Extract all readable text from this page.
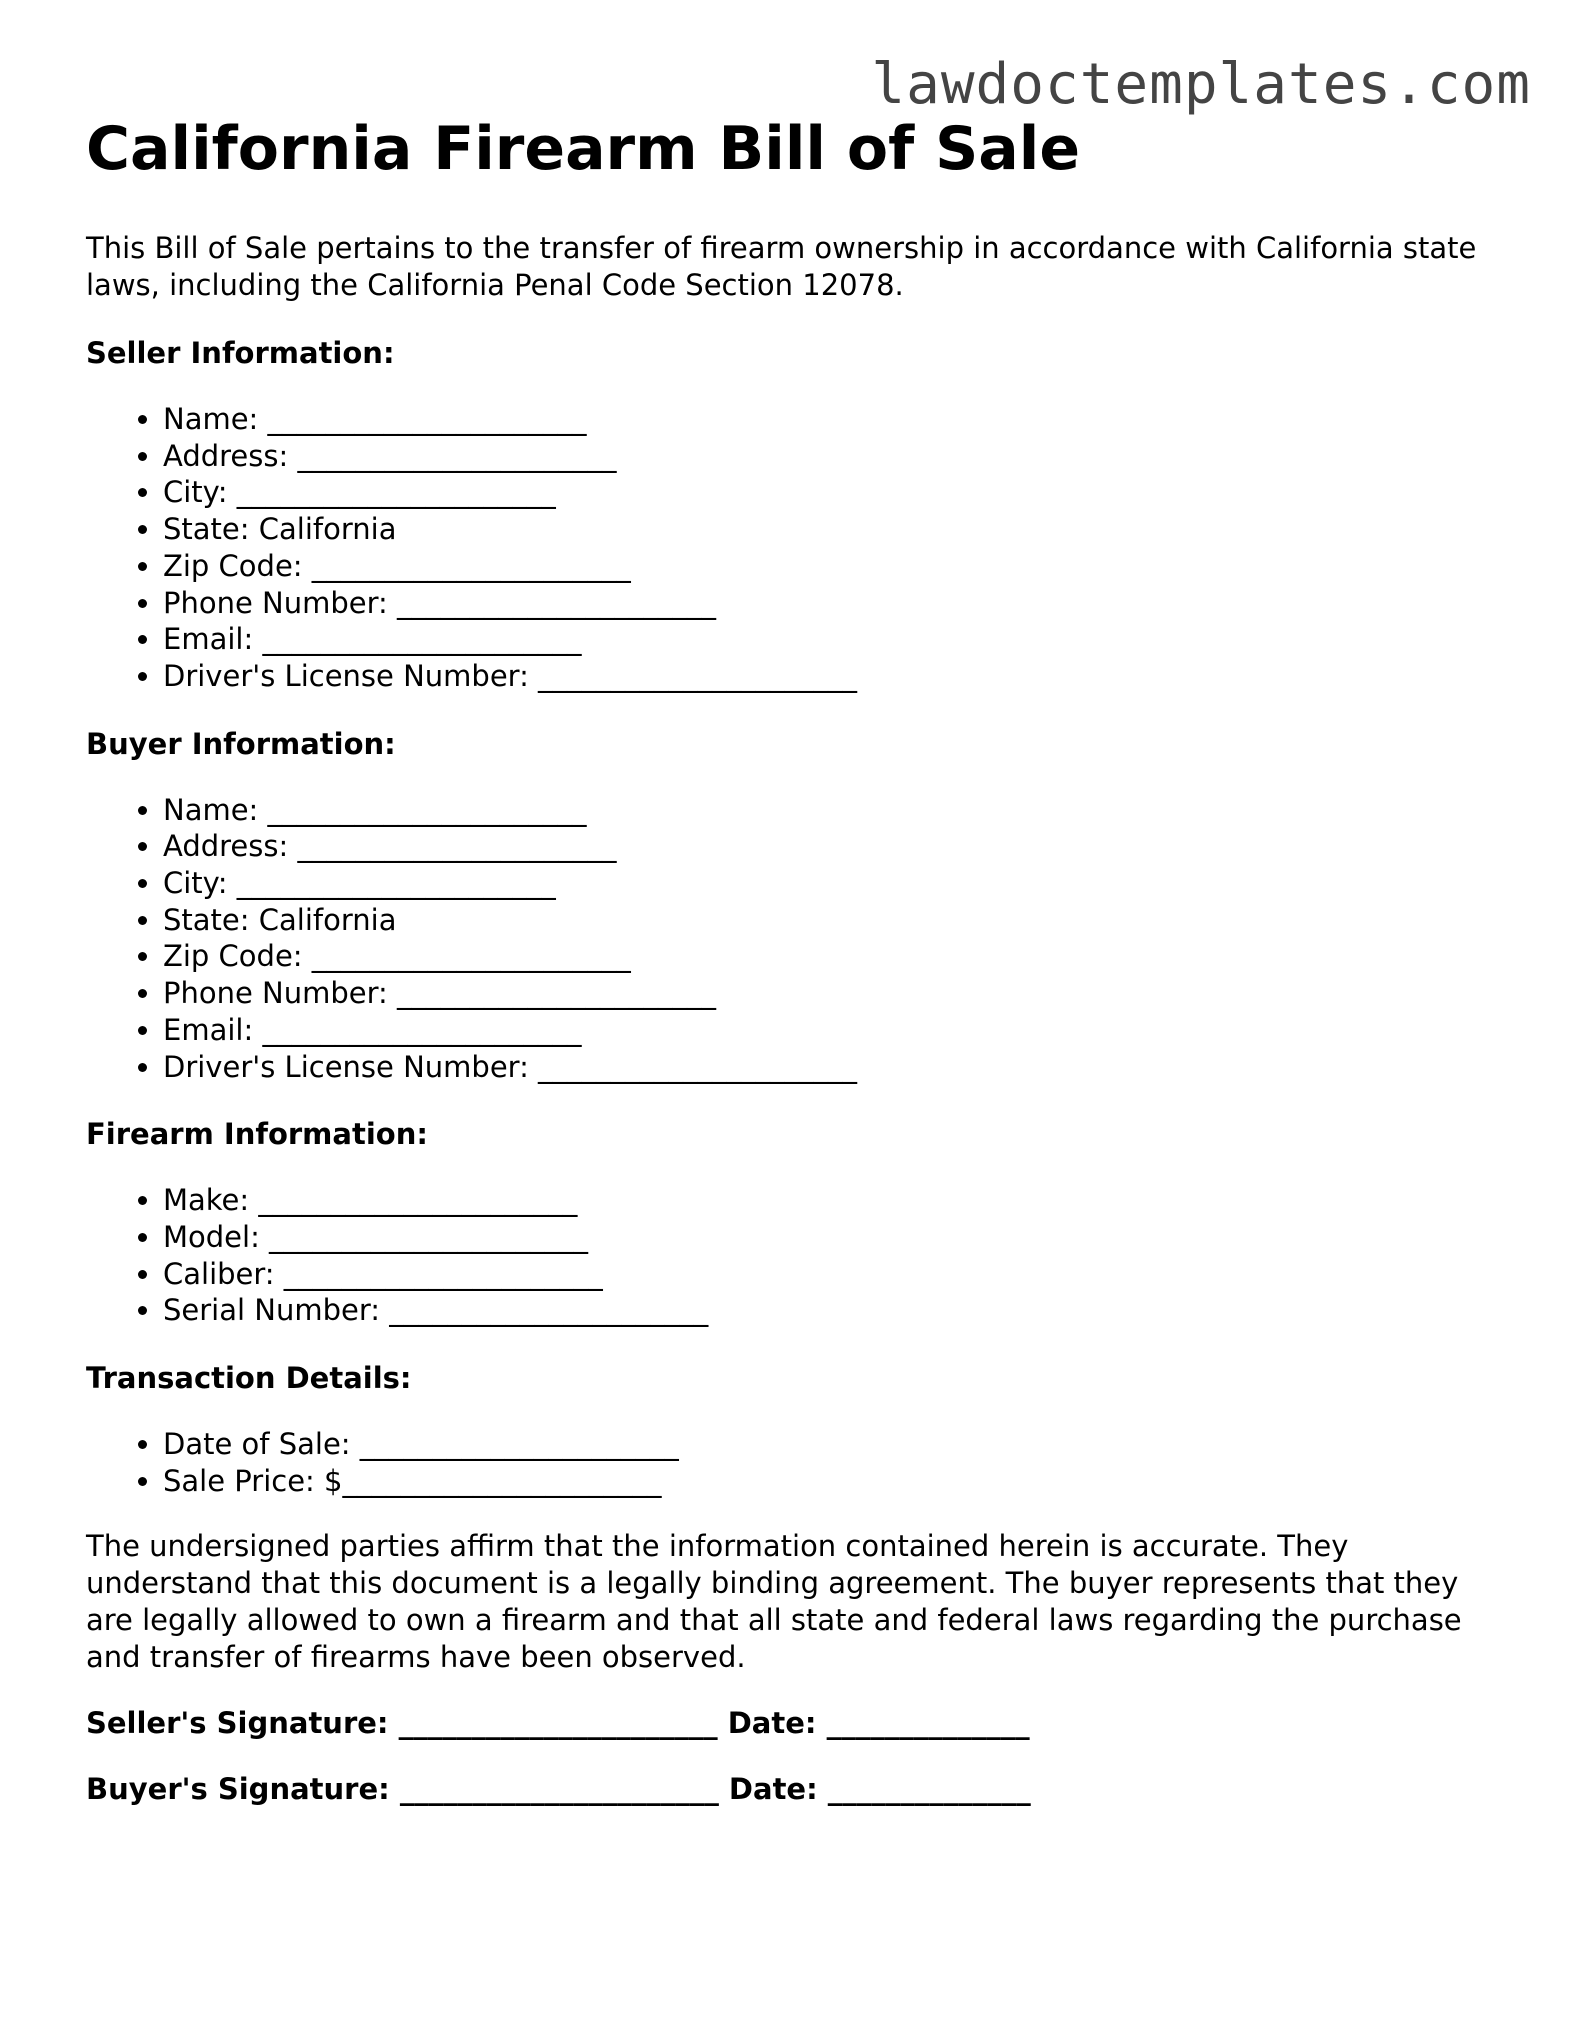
lawdoctemplates.com
California Firearm Bill of Sale

This Bill of Sale pertains to the transfer of firearm ownership in accordance with California state laws, including the California Penal Code Section 12078.

Seller Information:
• Name: ______________________
• Address: ______________________
• City: ______________________
• State: California
• Zip Code: ______________________
• Phone Number: ______________________
• Email: ______________________
• Driver's License Number: ______________________
Buyer Information:
• Name: ______________________
• Address: ______________________
• City: ______________________
• State: California
• Zip Code: ______________________
• Phone Number: ______________________
• Email: ______________________
• Driver's License Number: ______________________
Firearm Information:
• Make: ______________________
• Model: ______________________
• Caliber: ______________________
• Serial Number: ______________________
Transaction Details:
• Date of Sale: ______________________
• Sale Price: $______________________

The undersigned parties affirm that the information contained herein is accurate. They understand that this document is a legally binding agreement. The buyer represents that they are legally allowed to own a firearm and that all state and federal laws regarding the purchase and transfer of firearms have been observed.

Seller's Signature: ______________________ Date: ______________
Buyer's Signature: ______________________ Date: ______________
